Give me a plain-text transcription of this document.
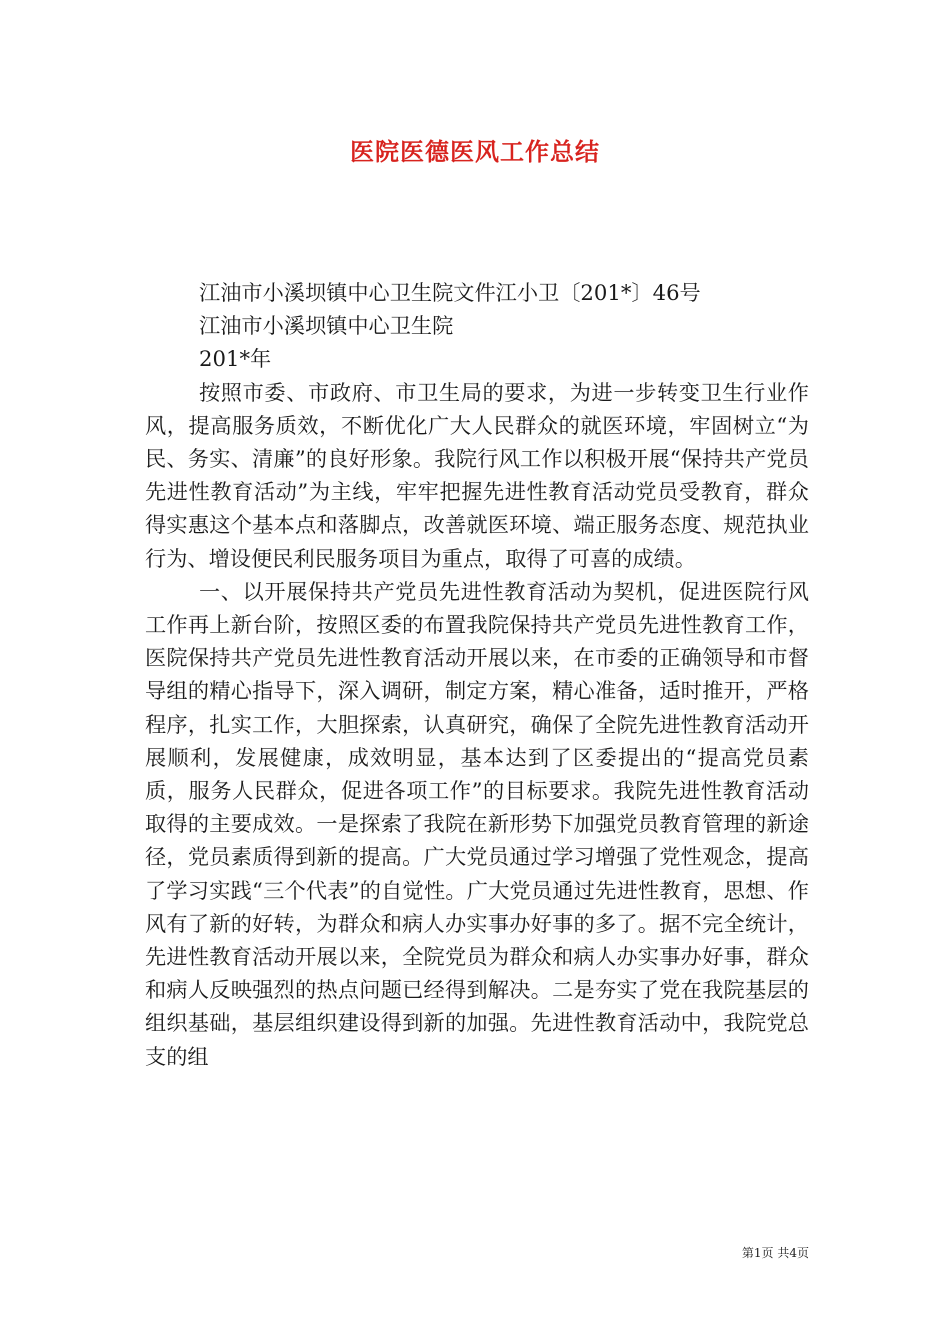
医院医德医风工作总结

江油市小溪坝镇中心卫生院文件江小卫〔201*〕46号

江油市小溪坝镇中心卫生院

201*年

按照市委、市政府、市卫生局的要求，为进一步转变卫生行业作风，提高服务质效，不断优化广大人民群众的就医环境，牢固树立“为民、务实、清廉”的良好形象。我院行风工作以积极开展“保持共产党员先进性教育活动”为主线，牢牢把握先进性教育活动党员受教育，群众得实惠这个基本点和落脚点，改善就医环境、端正服务态度、规范执业行为、增设便民利民服务项目为重点，取得了可喜的成绩。

一、以开展保持共产党员先进性教育活动为契机，促进医院行风工作再上新台阶，按照区委的布置我院保持共产党员先进性教育工作，医院保持共产党员先进性教育活动开展以来，在市委的正确领导和市督导组的精心指导下，深入调研，制定方案，精心准备，适时推开，严格程序，扎实工作，大胆探索，认真研究，确保了全院先进性教育活动开展顺利，发展健康，成效明显，基本达到了区委提出的“提高党员素质，服务人民群众，促进各项工作”的目标要求。我院先进性教育活动取得的主要成效。一是探索了我院在新形势下加强党员教育管理的新途径，党员素质得到新的提高。广大党员通过学习增强了党性观念，提高了学习实践“三个代表”的自觉性。广大党员通过先进性教育，思想、作风有了新的好转，为群众和病人办实事办好事的多了。据不完全统计，先进性教育活动开展以来，全院党员为群众和病人办实事办好事，群众和病人反映强烈的热点问题已经得到解决。二是夯实了党在我院基层的组织基础，基层组织建设得到新的加强。先进性教育活动中，我院党总支的组

第1页 共4页
